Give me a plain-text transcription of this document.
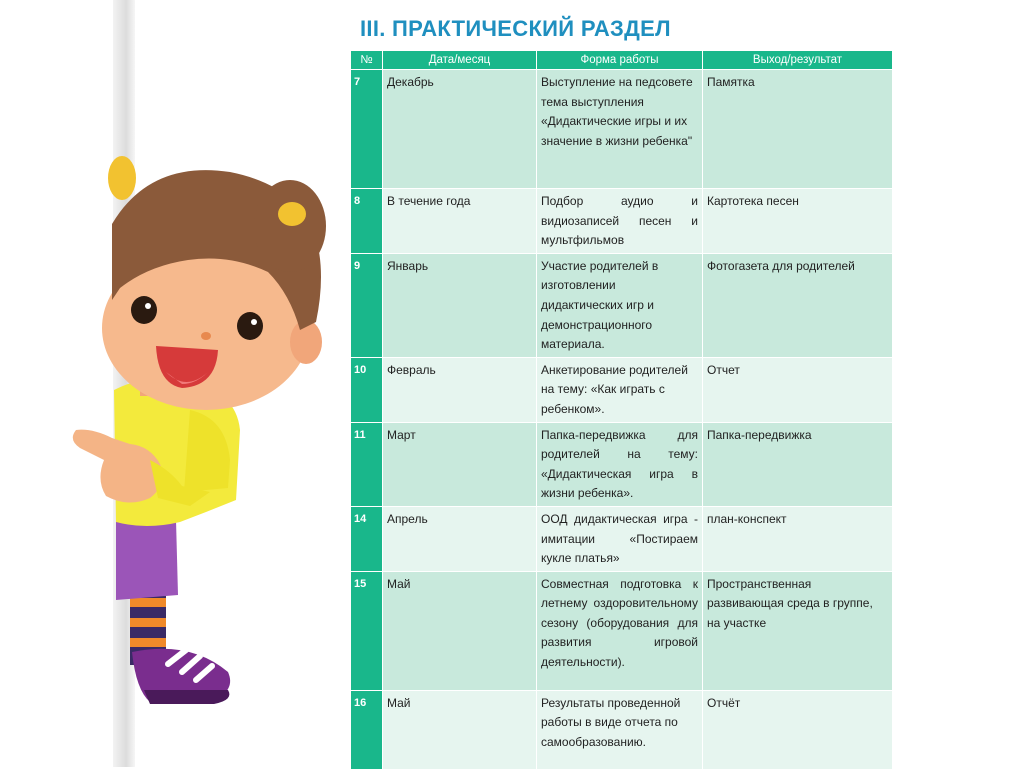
III. ПРАКТИЧЕСКИЙ РАЗДЕЛ
№	Дата/месяц	Форма работы	Выход/результат
7	Декабрь	Выступление на педсовете тема выступления «Дидактические игры и их значение в жизни ребенка"	Памятка
8	В течение года	Подбор аудио и видиозаписей песен и мультфильмов	Картотека песен
9	Январь	Участие родителей в изготовлении дидактических игр и демонстрационного материала.	Фотогазета для родителей
10	Февраль	Анкетирование родителей на тему: «Как играть с ребенком».	Отчет
11	Март	Папка-передвижка для родителей на тему: «Дидактическая игра в жизни ребенка».	Папка-передвижка
14	Апрель	ООД дидактическая игра - имитации «Постираем кукле платья»	план-конспект
15	Май	Совместная подготовка к летнему оздоровительному сезону (оборудования для развития игровой деятельности).	Пространственная развивающая среда в группе, на участке
16	Май	Результаты проведенной работы в виде отчета по самообразованию.	Отчёт
